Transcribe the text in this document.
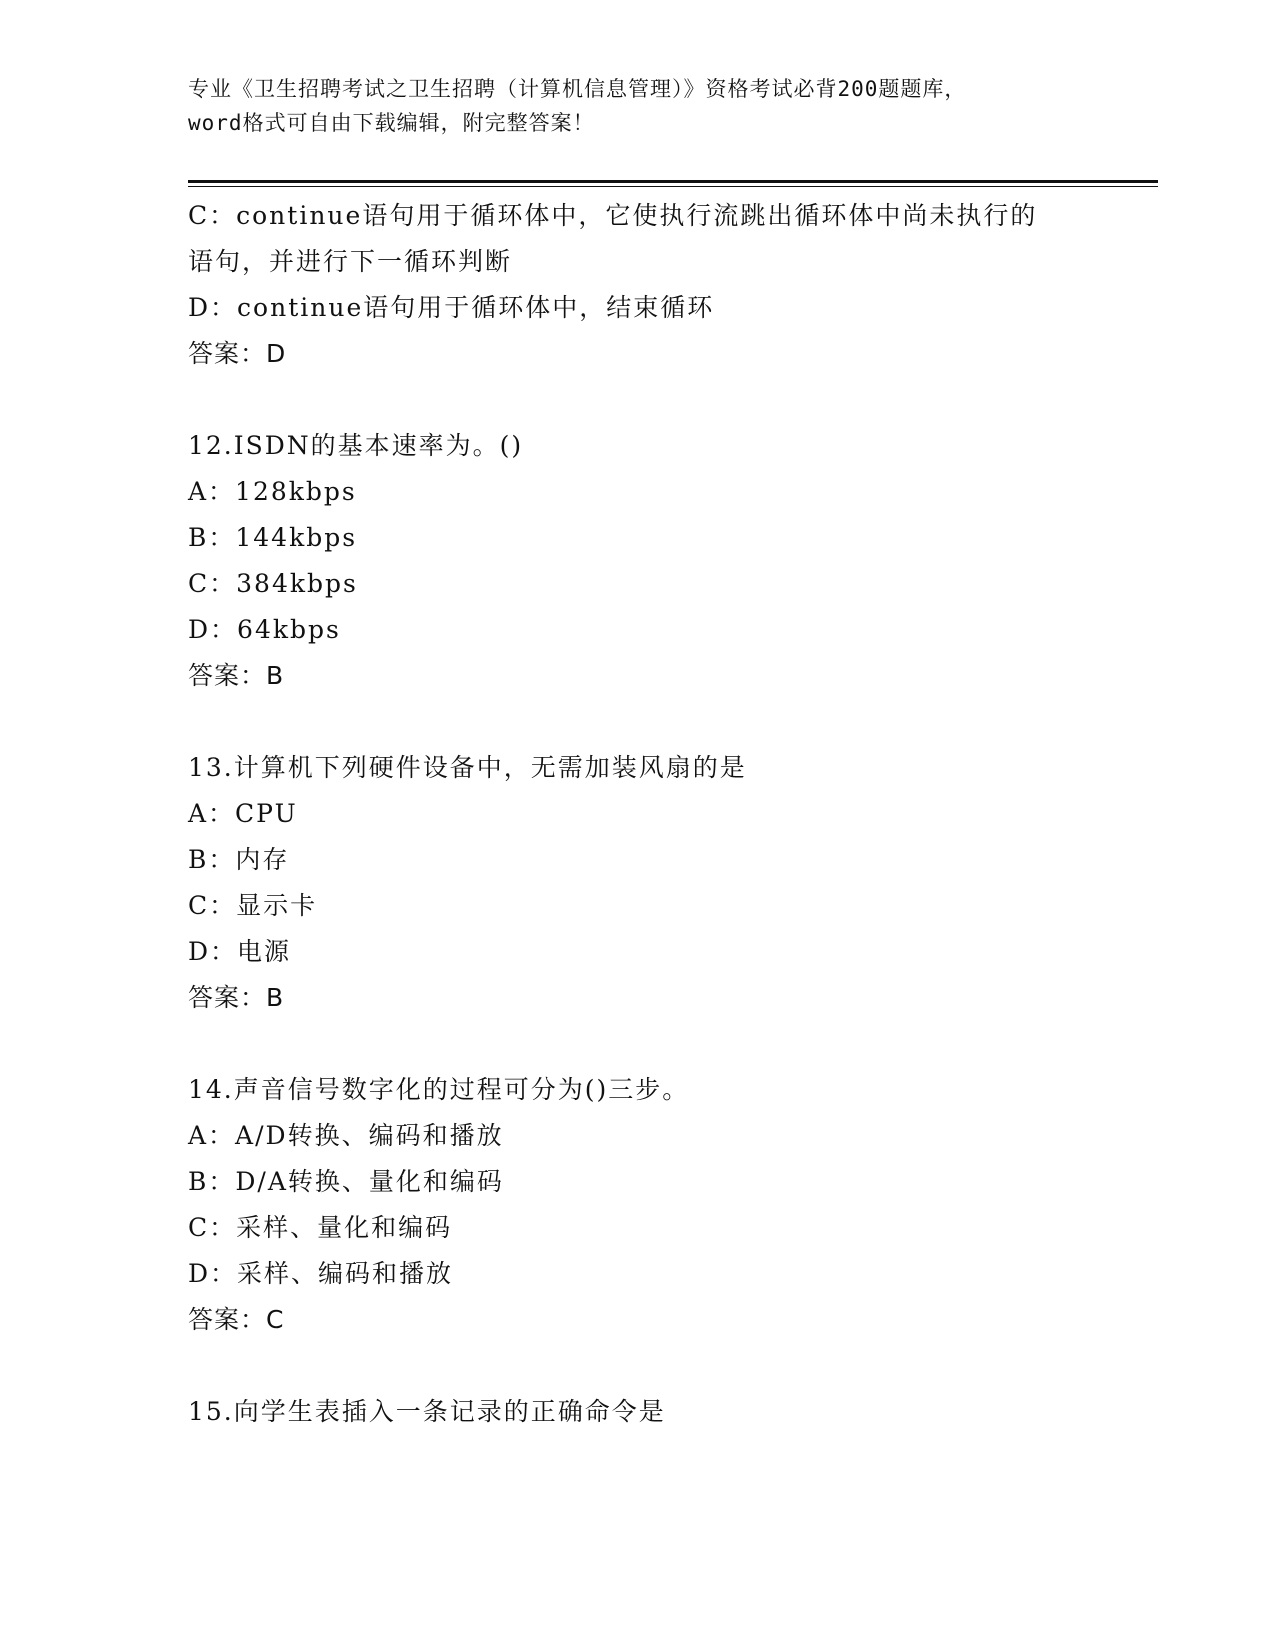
专业《卫生招聘考试之卫生招聘（计算机信息管理）》资格考试必背200题题库，
word格式可自由下载编辑，附完整答案！
C：continue语句用于循环体中，它使执行流跳出循环体中尚未执行的
语句，并进行下一循环判断
D：continue语句用于循环体中，结束循环
答案：D
12.ISDN的基本速率为。()
A：128kbps
B：144kbps
C：384kbps
D：64kbps
答案：B
13.计算机下列硬件设备中，无需加装风扇的是
A：CPU
B：内存
C：显示卡
D：电源
答案：B
14.声音信号数字化的过程可分为()三步。
A：A/D转换、编码和播放
B：D/A转换、量化和编码
C：采样、量化和编码
D：采样、编码和播放
答案：C
15.向学生表插入一条记录的正确命令是
